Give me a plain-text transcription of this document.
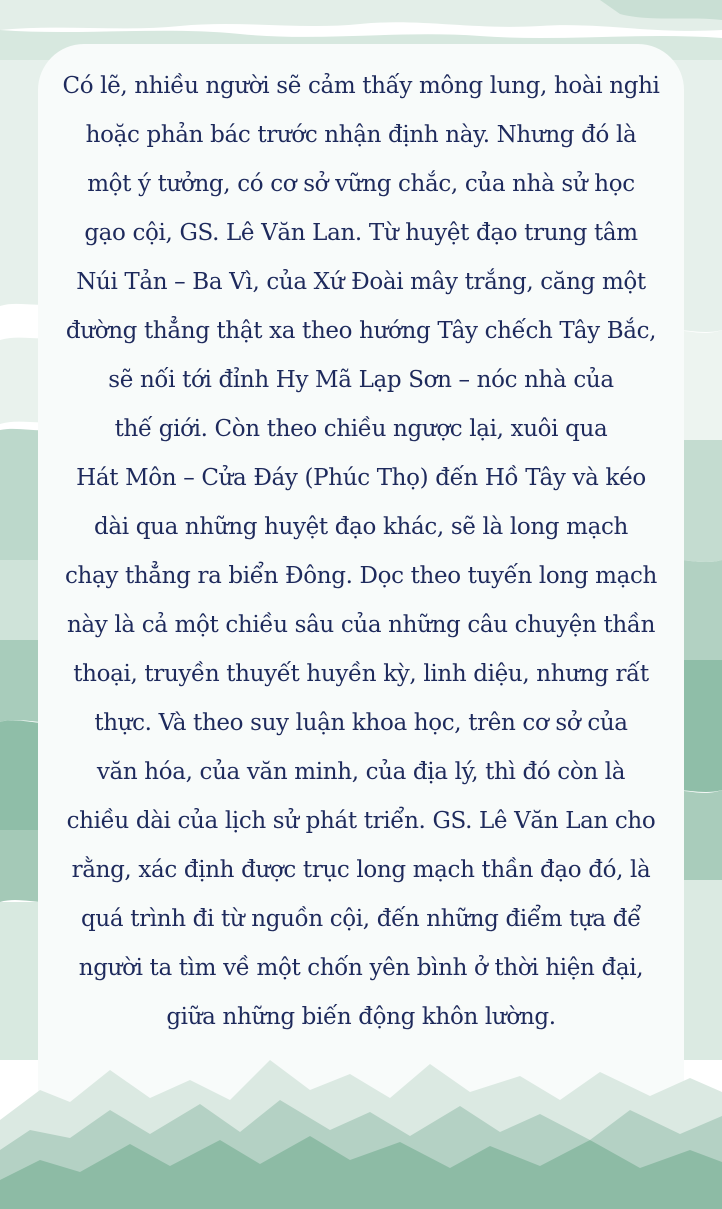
Có lẽ, nhiều người sẽ cảm thấy mông lung, hoài nghi
hoặc phản bác trước nhận định này. Nhưng đó là
một ý tưởng, có cơ sở vững chắc, của nhà sử học
gạo cội, GS. Lê Văn Lan. Từ huyệt đạo trung tâm
Núi Tản – Ba Vì, của Xứ Đoài mây trắng, căng một
đường thẳng thật xa theo hướng Tây chếch Tây Bắc,
sẽ nối tới đỉnh Hy Mã Lạp Sơn – nóc nhà của
thế giới. Còn theo chiều ngược lại, xuôi qua
Hát Môn – Cửa Đáy (Phúc Thọ) đến Hồ Tây và kéo
dài qua những huyệt đạo khác, sẽ là long mạch
chạy thẳng ra biển Đông. Dọc theo tuyến long mạch
này là cả một chiều sâu của những câu chuyện thần
thoại, truyền thuyết huyền kỳ, linh diệu, nhưng rất
thực. Và theo suy luận khoa học, trên cơ sở của
văn hóa, của văn minh, của địa lý, thì đó còn là
chiều dài của lịch sử phát triển. GS. Lê Văn Lan cho
rằng, xác định được trục long mạch thần đạo đó, là
quá trình đi từ nguồn cội, đến những điểm tựa để
người ta tìm về một chốn yên bình ở thời hiện đại,
giữa những biến động khôn lường.
